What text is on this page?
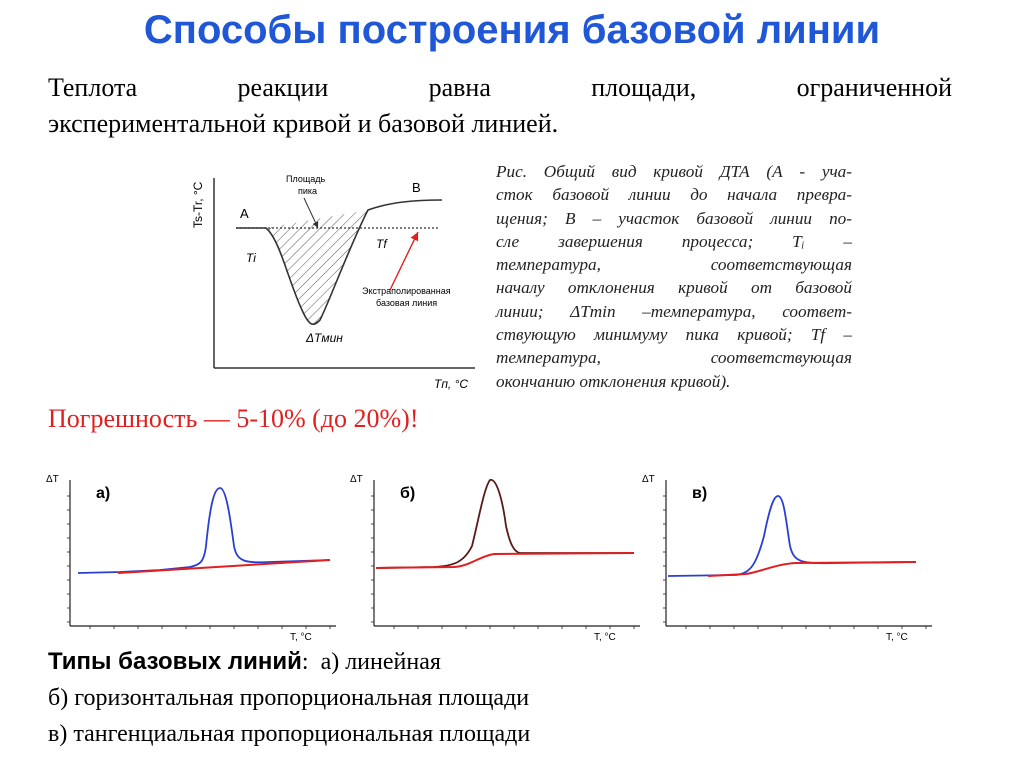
Способы построения базовой линии
Теплота реакции равна площади, ограниченной
экспериментальной кривой и базовой линией.
Ts-Tr, °C
Tп, °C
A
B
Ti
Tf
Площадь
пика
Экстраполированная
базовая линия
ΔTмин
Рис. Общий вид кривой ДТА (А - уча-
сток базовой линии до начала превра-
щения; В – участок базовой линии по-
сле завершения процесса; Tᵢ –
температура, соответствующая
началу отклонения кривой от базовой
линии; ΔTmin –температура, соответ-
ствующую минимуму пика кривой; Tf –
температура, соответствующая
окончанию отклонения кривой).
Погрешность — 5-10% (до 20%)!
ΔT
T, °C
а)
ΔT
T, °C
б)
ΔT
T, °C
в)
Типы базовых линий: а) линейная
б) горизонтальная пропорциональная площади
в) тангенциальная пропорциональная площади
